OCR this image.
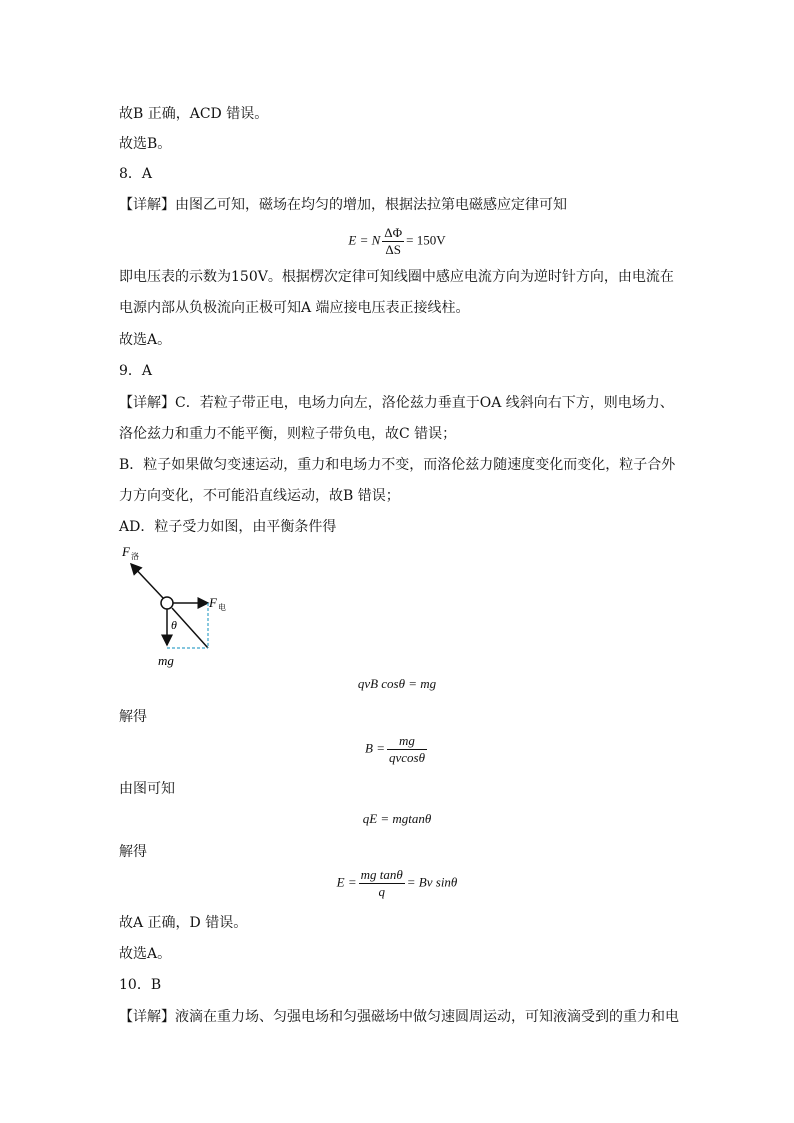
故B 正确，ACD 错误。
故选B。
8．A
【详解】由图乙可知，磁场在均匀的增加，根据法拉第电磁感应定律可知
E = N $\frac{\Delta\Phi}{\Delta S} = 150V$
即电压表的示数为150V。根据楞次定律可知线圈中感应电流方向为逆时针方向，由电流在
电源内部从负极流向正极可知A 端应接电压表正接线柱。
故选A。
9．A
【详解】C．若粒子带正电，电场力向左，洛伦兹力垂直于OA 线斜向右下方，则电场力、
洛伦兹力和重力不能平衡，则粒子带负电，故C 错误；
B．粒子如果做匀变速运动，重力和电场力不变，而洛伦兹力随速度变化而变化，粒子合外
力方向变化，不可能沿直线运动，故B 错误；
AD．粒子受力如图，由平衡条件得
F 洛
F 电
θ
mg
qvB cosθ = mg
解得
$B = \frac{mg}{qvcos\theta}$
由图可知
qE = mgtanθ
解得
$E = \frac{\text{mg tanθ}}{q} = Bv$ sinθ
故A 正确，D 错误。
故选A。
10．B
【详解】液滴在重力场、匀强电场和匀强磁场中做匀速圆周运动，可知液滴受到的重力和电
